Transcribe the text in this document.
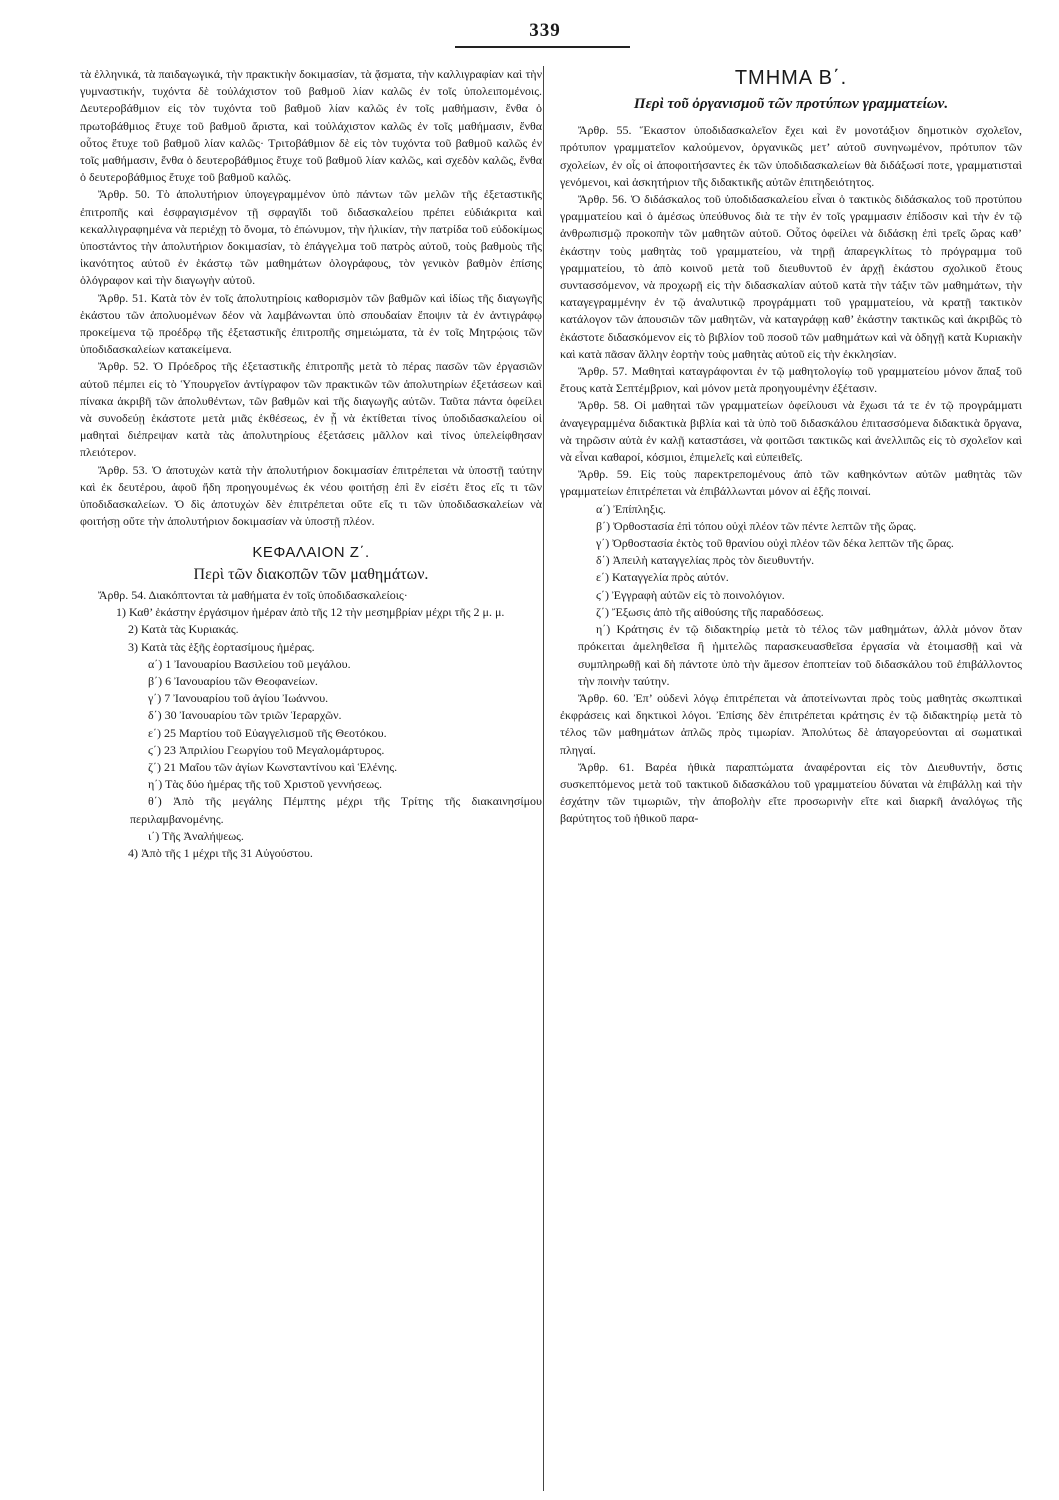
339

τὰ ἑλληνικά, τὰ παιδαγωγικά, τὴν πρακτικὴν δοκιμασίαν, τὰ ᾄσματα, τὴν καλλιγραφίαν καὶ τὴν γυμναστικήν, τυχόντα δὲ τοὐλάχιστον τοῦ βαθμοῦ λίαν καλῶς ἐν τοῖς ὑπολειπομένοις. Δευτεροβάθμιον εἰς τὸν τυχόντα τοῦ βαθμοῦ λίαν καλῶς ἐν τοῖς μαθήμασιν, ἔνθα ὁ πρωτοβάθμιος ἔτυχε τοῦ βαθμοῦ ἄριστα, καὶ τοὐλάχιστον καλῶς ἐν τοῖς μαθήμασιν, ἔνθα οὗτος ἔτυχε τοῦ βαθμοῦ λίαν καλῶς· Τριτοβάθμιον δὲ εἰς τὸν τυχόντα τοῦ βαθμοῦ καλῶς ἐν τοῖς μαθήμασιν, ἔνθα ὁ δευτεροβάθμιος ἔτυχε τοῦ βαθμοῦ λίαν καλῶς, καὶ σχεδὸν καλῶς, ἔνθα ὁ δευτεροβάθμιος ἔτυχε τοῦ βαθμοῦ καλῶς.

Ἄρθρ. 50. Τὸ ἀπολυτήριον ὑπογεγραμμένον ὑπὸ πάντων τῶν μελῶν τῆς ἐξεταστικῆς ἐπιτροπῆς καὶ ἐσφραγισμένον τῇ σφραγῖδι τοῦ διδασκαλείου πρέπει εὐδιάκριτα καὶ κεκαλλιγραφημένα νὰ περιέχῃ τὸ ὄνομα, τὸ ἐπώνυμον, τὴν ἡλικίαν, τὴν πατρίδα τοῦ εὐδοκίμως ὑποστάντος τὴν ἀπολυτήριον δοκιμασίαν, τὸ ἐπάγγελμα τοῦ πατρὸς αὐτοῦ, τοὺς βαθμοὺς τῆς ἱκανότητος αὐτοῦ ἐν ἑκάστῳ τῶν μαθημάτων ὁλογράφους, τὸν γενικὸν βαθμὸν ἐπίσης ὁλόγραφον καὶ τὴν διαγωγὴν αὐτοῦ.

Ἄρθρ. 51. Κατὰ τὸν ἐν τοῖς ἀπολυτηρίοις καθορισμὸν τῶν βαθμῶν καὶ ἰδίως τῆς διαγωγῆς ἑκάστου τῶν ἀπολυομένων δέον νὰ λαμβάνωνται ὑπὸ σπουδαίαν ἔποψιν τὰ ἐν ἀντιγράφῳ προκείμενα τῷ προέδρῳ τῆς ἐξεταστικῆς ἐπιτροπῆς σημειώματα, τὰ ἐν τοῖς Μητρῴοις τῶν ὑποδιδασκαλείων κατακείμενα.

Ἄρθρ. 52. Ὁ Πρόεδρος τῆς ἐξεταστικῆς ἐπιτροπῆς μετὰ τὸ πέρας πασῶν τῶν ἐργασιῶν αὐτοῦ πέμπει εἰς τὸ Ὑπουργεῖον ἀντίγραφον τῶν πρακτικῶν τῶν ἀπολυτηρίων ἐξετάσεων καὶ πίνακα ἀκριβῆ τῶν ἀπολυθέντων, τῶν βαθμῶν καὶ τῆς διαγωγῆς αὐτῶν. Ταῦτα πάντα ὀφείλει νὰ συνοδεύῃ ἑκάστοτε μετὰ μιᾶς ἐκθέσεως, ἐν ᾗ νὰ ἐκτίθεται τίνος ὑποδιδασκαλείου οἱ μαθηταὶ διέπρεψαν κατὰ τὰς ἀπολυτηρίους ἐξετάσεις μᾶλλον καὶ τίνος ὑπελείφθησαν πλειότερον.

Ἄρθρ. 53. Ὁ ἀποτυχὼν κατὰ τὴν ἀπολυτήριον δοκιμασίαν ἐπιτρέπεται νὰ ὑποστῇ ταύτην καὶ ἐκ δευτέρου, ἀφοῦ ἤδη προηγουμένως ἐκ νέου φοιτήσῃ ἐπὶ ἓν εἰσέτι ἔτος εἴς τι τῶν ὑποδιδασκαλείων. Ὁ δὶς ἀποτυχὼν δὲν ἐπιτρέπεται οὔτε εἴς τι τῶν ὑποδιδασκαλείων νὰ φοιτήσῃ οὔτε τὴν ἀπολυτήριον δοκιμασίαν νὰ ὑποστῇ πλέον.

ΚΕΦΑΛΑΙΟΝ Ζ΄.
Περὶ τῶν διακοπῶν τῶν μαθημάτων.

Ἄρθρ. 54. Διακόπτονται τὰ μαθήματα ἐν τοῖς ὑποδιδασκαλείοις·

1) Καθ’ ἑκάστην ἐργάσιμον ἡμέραν ἀπὸ τῆς 12 τὴν μεσημβρίαν μέχρι τῆς 2 μ. μ.

2) Κατὰ τὰς Κυριακάς.

3) Κατὰ τὰς ἑξῆς ἑορτασίμους ἡμέρας.

α΄) 1 Ἰανουαρίου Βασιλείου τοῦ μεγάλου.

β΄) 6 Ἰανουαρίου τῶν Θεοφανείων.

γ΄) 7 Ἰανουαρίου τοῦ ἁγίου Ἰωάννου.

δ΄) 30 Ἰανουαρίου τῶν τριῶν Ἱεραρχῶν.

ε΄) 25 Μαρτίου τοῦ Εὐαγγελισμοῦ τῆς Θεοτόκου.

ϛ΄) 23 Ἀπριλίου Γεωργίου τοῦ Μεγαλομάρτυρος.

ζ΄) 21 Μαΐου τῶν ἁγίων Κωνσταντίνου καὶ Ἑλένης.

η΄) Τὰς δύο ἡμέρας τῆς τοῦ Χριστοῦ γεννήσεως.

θ΄) Ἀπὸ τῆς μεγάλης Πέμπτης μέχρι τῆς Τρίτης τῆς διακαινησίμου περιλαμβανομένης.

ι΄) Τῆς Ἀναλήψεως.

4) Ἀπὸ τῆς 1 μέχρι τῆς 31 Αὐγούστου.

ΤΜΗΜΑ Β΄.
Περὶ τοῦ ὀργανισμοῦ τῶν προτύπων γραμματείων.

Ἄρθρ. 55. Ἕκαστον ὑποδιδασκαλεῖον ἔχει καὶ ἓν μονοτάξιον δημοτικὸν σχολεῖον, πρότυπον γραμματεῖον καλούμενον, ὀργανικῶς μετ’ αὐτοῦ συνηνωμένον, πρότυπον τῶν σχολείων, ἐν οἷς οἱ ἀποφοιτήσαντες ἐκ τῶν ὑποδιδασκαλείων θὰ διδάξωσί ποτε, γραμματισταὶ γενόμενοι, καὶ ἀσκητήριον τῆς διδακτικῆς αὐτῶν ἐπιτηδειότητος.

Ἄρθρ. 56. Ὁ διδάσκαλος τοῦ ὑποδιδασκαλείου εἶναι ὁ τακτικὸς διδάσκαλος τοῦ προτύπου γραμματείου καὶ ὁ ἀμέσως ὑπεύθυνος διὰ τε τὴν ἐν τοῖς γραμμασιν ἐπίδοσιν καὶ τὴν ἐν τῷ ἀνθρωπισμῷ προκοπὴν τῶν μαθητῶν αὐτοῦ. Οὗτος ὀφείλει νὰ διδάσκῃ ἐπὶ τρεῖς ὥρας καθ’ ἑκάστην τοὺς μαθητὰς τοῦ γραμματείου, νὰ τηρῇ ἀπαρεγκλίτως τὸ πρόγραμμα τοῦ γραμματείου, τὸ ἀπὸ κοινοῦ μετὰ τοῦ διευθυντοῦ ἐν ἀρχῇ ἑκάστου σχολικοῦ ἔτους συντασσόμενον, νὰ προχωρῇ εἰς τὴν διδασκαλίαν αὐτοῦ κατὰ τὴν τάξιν τῶν μαθημάτων, τὴν καταγεγραμμένην ἐν τῷ ἀναλυτικῷ προγράμματι τοῦ γραμματείου, νὰ κρατῇ τακτικὸν κατάλογον τῶν ἀπουσιῶν τῶν μαθητῶν, νὰ καταγράφῃ καθ’ ἑκάστην τακτικῶς καὶ ἀκριβῶς τὸ ἑκάστοτε διδασκόμενον εἰς τὸ βιβλίον τοῦ ποσοῦ τῶν μαθημάτων καὶ νὰ ὁδηγῇ κατὰ Κυριακὴν καὶ κατὰ πᾶσαν ἄλλην ἑορτὴν τοὺς μαθητὰς αὐτοῦ εἰς τὴν ἐκκλησίαν.

Ἄρθρ. 57. Μαθηταὶ καταγράφονται ἐν τῷ μαθητολογίῳ τοῦ γραμματείου μόνον ἅπαξ τοῦ ἔτους κατὰ Σεπτέμβριον, καὶ μόνον μετὰ προηγουμένην ἐξέτασιν.

Ἄρθρ. 58. Οἱ μαθηταὶ τῶν γραμματείων ὀφείλουσι νὰ ἔχωσι τά τε ἐν τῷ προγράμματι ἀναγεγραμμένα διδακτικὰ βιβλία καὶ τὰ ὑπὸ τοῦ διδασκάλου ἐπιτασσόμενα διδακτικὰ ὄργανα, νὰ τηρῶσιν αὐτὰ ἐν καλῇ καταστάσει, νὰ φοιτῶσι τακτικῶς καὶ ἀνελλιπῶς εἰς τὸ σχολεῖον καὶ νὰ εἶναι καθαροί, κόσμιοι, ἐπιμελεῖς καὶ εὐπειθεῖς.

Ἄρθρ. 59. Εἰς τοὺς παρεκτρεπομένους ἀπὸ τῶν καθηκόντων αὐτῶν μαθητὰς τῶν γραμματείων ἐπιτρέπεται νὰ ἐπιβάλλωνται μόνον αἱ ἑξῆς ποιναί.

α΄) Ἐπίπληξις.

β΄) Ὀρθοστασία ἐπὶ τόπου οὐχὶ πλέον τῶν πέντε λεπτῶν τῆς ὥρας.

γ΄) Ὀρθοστασία ἐκτὸς τοῦ θρανίου οὐχὶ πλέον τῶν δέκα λεπτῶν τῆς ὥρας.

δ΄) Ἀπειλὴ καταγγελίας πρὸς τὸν διευθυντήν.

ε΄) Καταγγελία πρὸς αὐτόν.

ϛ΄) Ἐγγραφὴ αὐτῶν εἰς τὸ ποινολόγιον.

ζ΄) Ἔξωσις ἀπὸ τῆς αἰθούσης τῆς παραδόσεως.

η΄) Κράτησις ἐν τῷ διδακτηρίῳ μετὰ τὸ τέλος τῶν μαθημάτων, ἀλλὰ μόνον ὅταν πρόκειται ἀμεληθεῖσα ἢ ἡμιτελῶς παρασκευασθεῖσα ἐργασία νὰ ἑτοιμασθῇ καὶ νὰ συμπληρωθῇ καὶ δὴ πάντοτε ὑπὸ τὴν ἄμεσον ἐποπτείαν τοῦ διδασκάλου τοῦ ἐπιβάλλοντος τὴν ποινὴν ταύτην.

Ἄρθρ. 60. Ἐπ’ οὐδενὶ λόγῳ ἐπιτρέπεται νὰ ἀποτείνωνται πρὸς τοὺς μαθητὰς σκωπτικαὶ ἐκφράσεις καὶ δηκτικοὶ λόγοι. Ἐπίσης δὲν ἐπιτρέπεται κράτησις ἐν τῷ διδακτηρίῳ μετὰ τὸ τέλος τῶν μαθημάτων ἁπλῶς πρὸς τιμωρίαν. Ἀπολύτως δὲ ἀπαγορεύονται αἱ σωματικαὶ πληγαί.

Ἄρθρ. 61. Βαρέα ἠθικὰ παραπτώματα ἀναφέρονται εἰς τὸν Διευθυντήν, ὅστις συσκεπτόμενος μετὰ τοῦ τακτικοῦ διδασκάλου τοῦ γραμματείου δύναται νὰ ἐπιβάλλῃ καὶ τὴν ἐσχάτην τῶν τιμωριῶν, τὴν ἀποβολὴν εἴτε προσωρινὴν εἴτε καὶ διαρκῆ ἀναλόγως τῆς βαρύτητος τοῦ ἠθικοῦ παρα-
